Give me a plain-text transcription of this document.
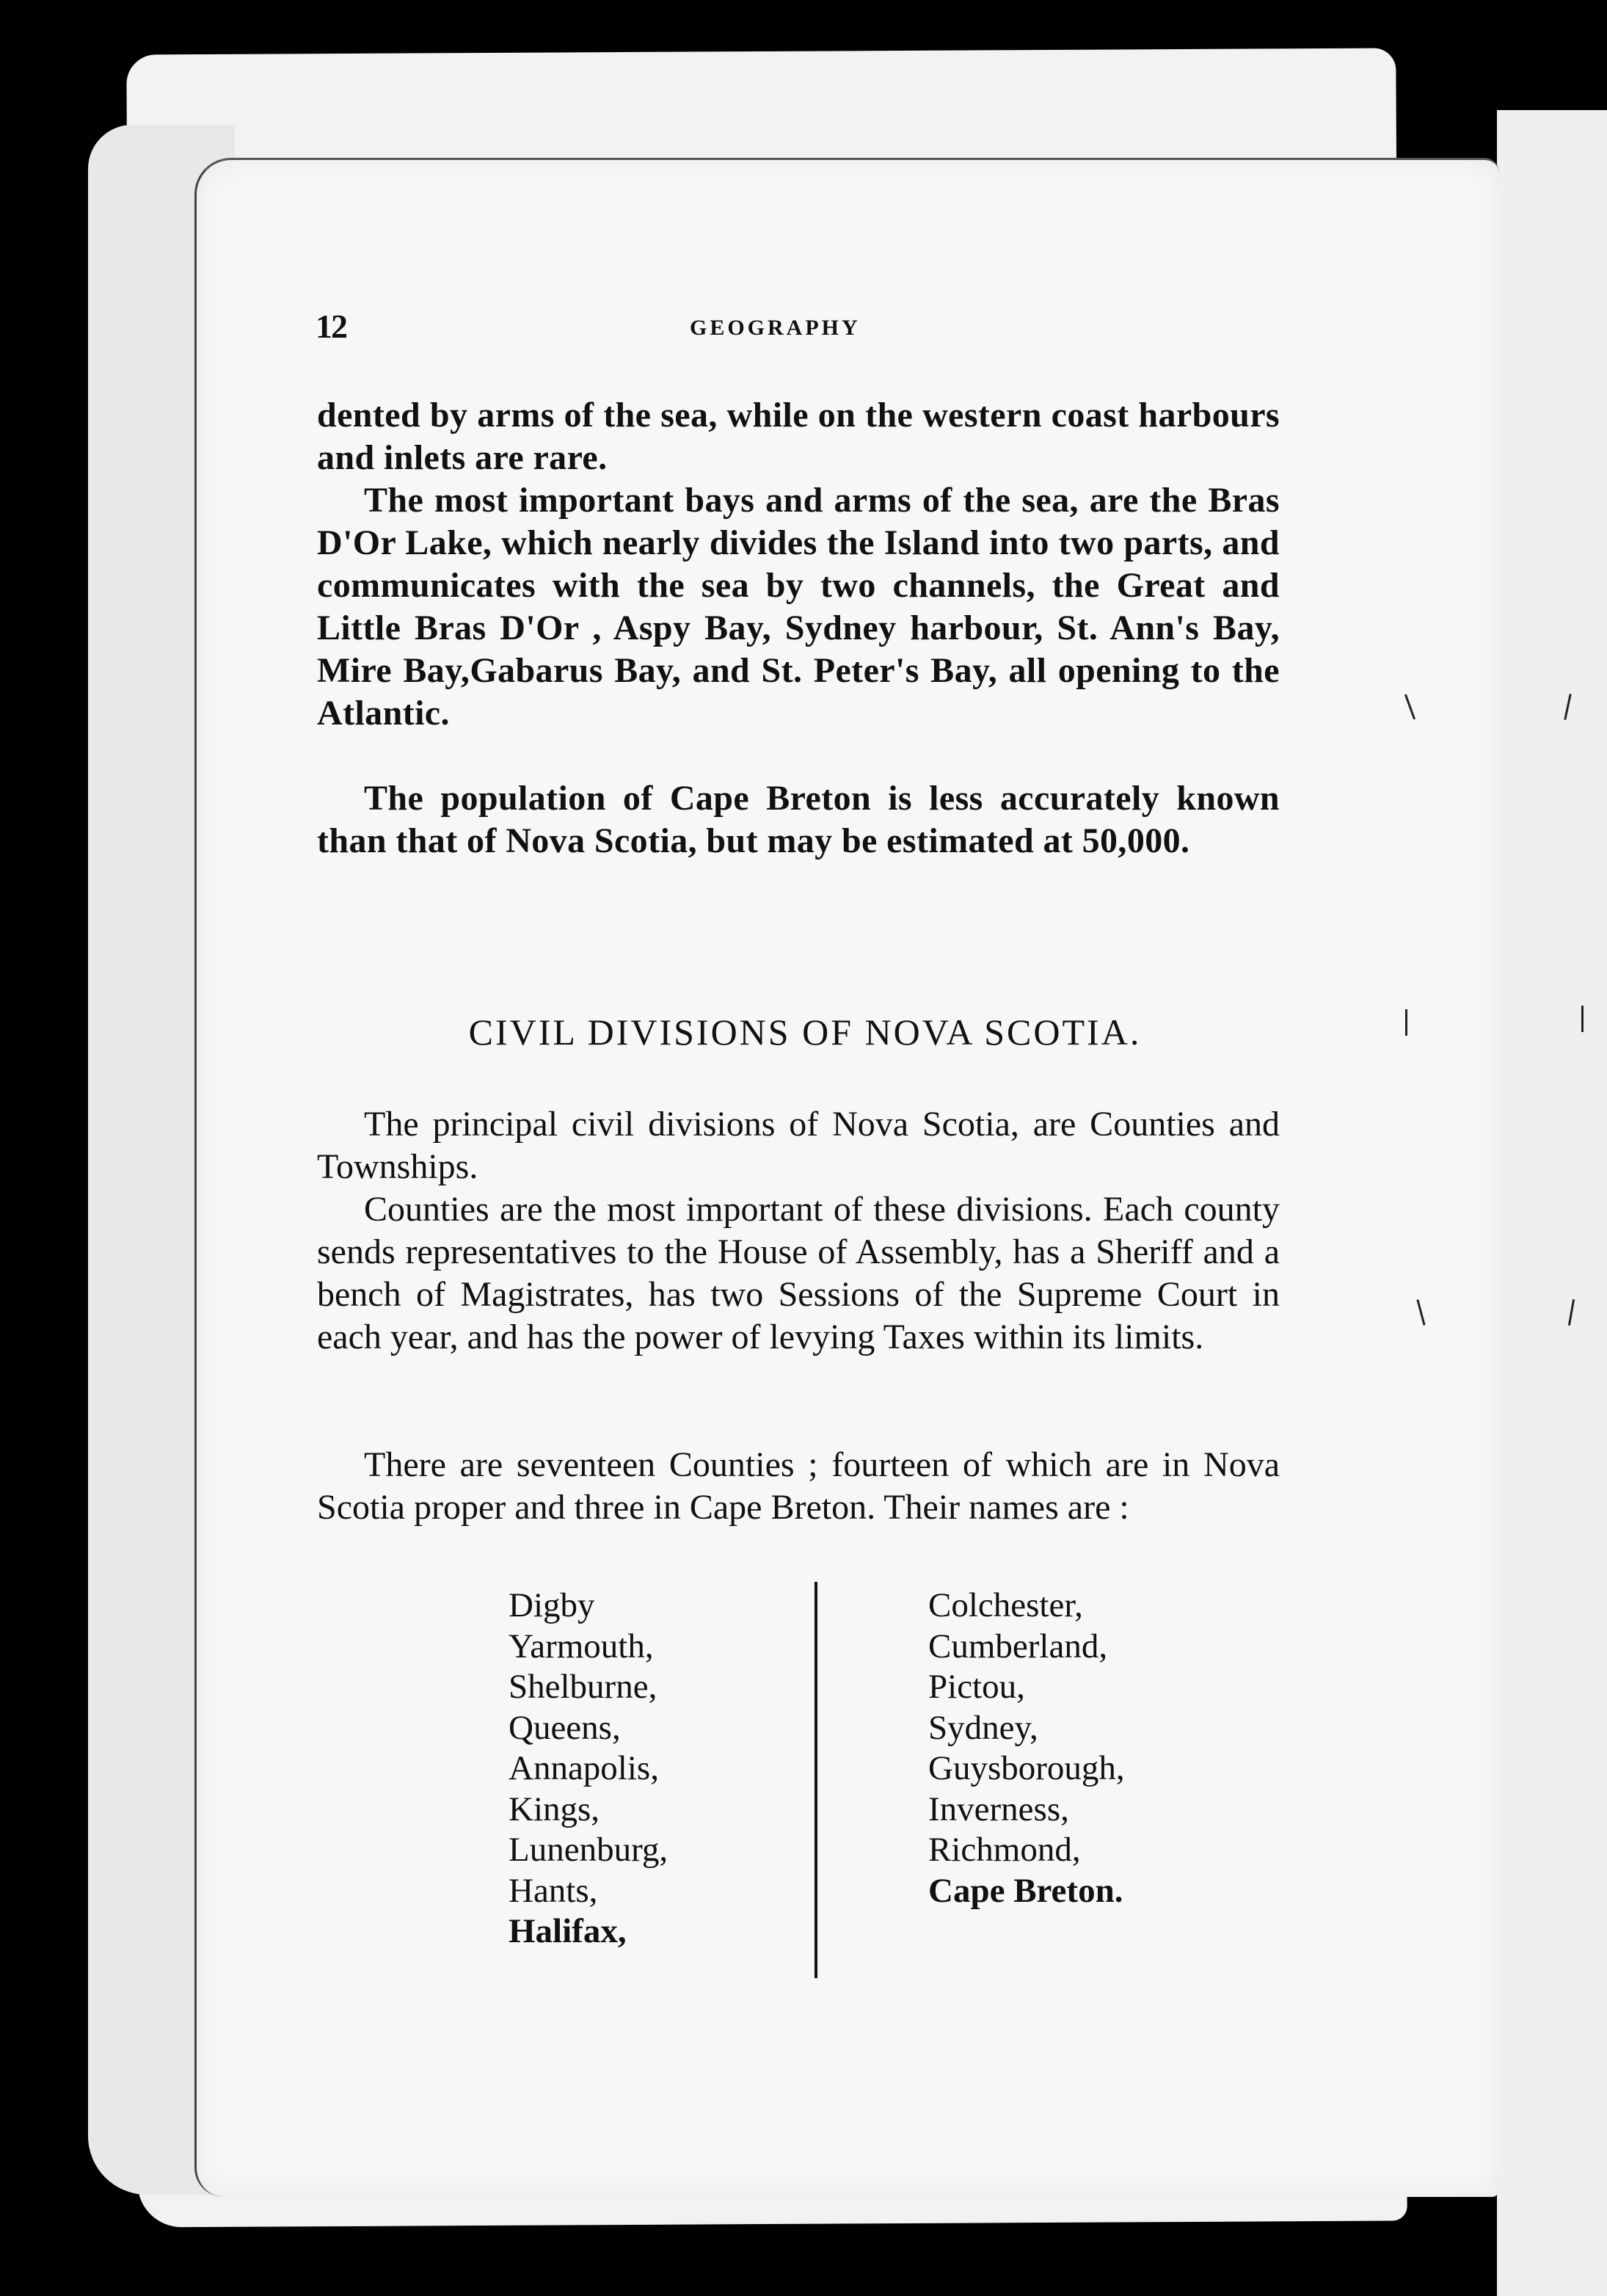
12	GEOGRAPHY

dented by arms of the sea, while on the western coast harbours and inlets are rare.

The most important bays and arms of the sea, are the Bras D'Or Lake, which nearly divides the Island into two parts, and communicates with the sea by two channels, the Great and Little Bras D'Or , Aspy Bay, Sydney harbour, St. Ann's Bay, Mire Bay,Gabarus Bay, and St. Peter's Bay, all opening to the Atlantic.

The population of Cape Breton is less accurately known than that of Nova Scotia, but may be estimated at 50,000.

CIVIL DIVISIONS OF NOVA SCOTIA.

The principal civil divisions of Nova Scotia, are Counties and Townships.

Counties are the most important of these divisions. Each county sends representatives to the House of Assembly, has a Sheriff and a bench of Magistrates, has two Sessions of the Supreme Court in each year, and has the power of levying Taxes within its limits.

There are seventeen Counties ; fourteen of which are in Nova Scotia proper and three in Cape Breton. Their names are :

Digby
Yarmouth,
Shelburne,
Queens,
Annapolis,
Kings,
Lunenburg,
Hants,
Halifax,
Colchester,
Cumberland,
Pictou,
Sydney,
Guysborough,
Inverness,
Richmond,
Cape Breton.
